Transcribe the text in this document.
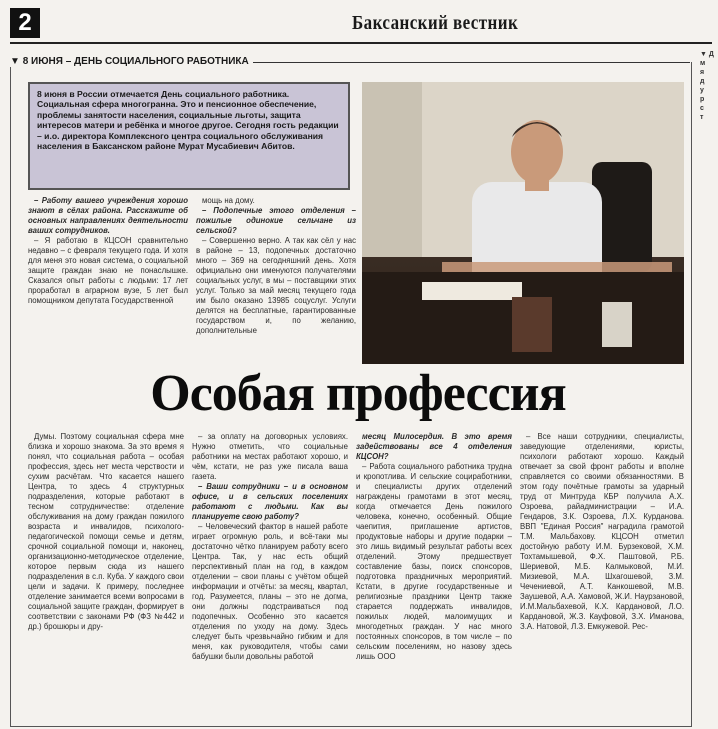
2	Баксанский вестник
▼ 8 ИЮНЯ – ДЕНЬ СОЦИАЛЬНОГО РАБОТНИКА
8 июня в России отмечается День социального работника. Социальная сфера многогранна. Это и пенсионное обеспечение, проблемы занятости населения, социальные льготы, защита интересов матери и ребёнка и многое другое. Сегодня гость редакции – и.о. директора Комплексного центра социального обслуживания населения в Баксанском районе Мурат Мусабиевич Абитов.

– Работу вашего учреждения хорошо знают в сёлах района. Расскажите об основных направлениях деятельности ваших сотрудников.

– Я работаю в КЦСОН сравнительно недавно – с февраля текущего года. И хотя для меня это новая система, о социальной защите граждан знаю не понаслышке. Сказался опыт работы с людьми: 17 лет проработал в аграрном вузе, 5 лет был помощником депутата Государственной

мощь на дому.

– Подопечные этого отделения – пожилые одинокие сельчане из сельской?

– Совершенно верно. А так как сёл у нас в районе – 13, подопечных достаточно много – 369 на сегодняшний день. Хотя официально они именуются получателями социальных услуг, в мы – поставщики этих услуг. Только за май месяц текущего года им было оказано 13985 соцуслуг. Услуги делятся на бесплатные, гарантированные государством и, по желанию, дополнительные

Особая профессия

Думы. Поэтому социальная сфера мне близка и хорошо знакома. За это время я понял, что социальная работа – особая профессия, здесь нет места черствости и сухим расчётам. Что касается нашего Центра, то здесь 4 структурных подразделения, которые работают в тесном сотрудничестве: отделение обслуживания на дому граждан пожилого возраста и инвалидов, психолого-педагогической помощи семье и детям, срочной социальной помощи и, наконец, организационно-методическое отделение, которое первым сюда из нашего подразделения в с.п. Куба. У каждого свои цели и задачи. К примеру, последнее отделение занимается всеми вопросами в социальной защите граждан, формирует в соответствии с законами РФ (ФЗ №442 и др.) брошюры и дру-

– за оплату на договорных условиях. Нужно отметить, что социальные работники на местах работают хорошо, и чём, кстати, не раз уже писала ваша газета.

– Ваши сотрудники – и в основном офисе, и в сельских поселениях работают с людьми. Как вы планируете свою работу?

– Человеческий фактор в нашей работе играет огромную роль, и всё-таки мы достаточно чётко планируем работу всего Центра. Так, у нас есть общий перспективный план на год, в каждом отделении – свои планы с учётом общей информации и отчёты: за месяц, квартал, год. Разумеется, планы – это не догма, они должны подстраиваться под подопечных. Особенно это касается отделения по уходу на дому. Здесь следует быть чрезвычайно гибким и для меня, как руководителя, чтобы сами бабушки были довольны работой

месяц Милосердия. В это время задействованы все 4 отделения КЦСОН?

– Работа социального работника трудна и кропотлива. И сельские социработники, и специалисты других отделений награждены грамотами в этот месяц, когда отмечается День пожилого человека, конечно, особенный. Общие чаепития, приглашение артистов, продуктовые наборы и другие подарки – это лишь видимый результат работы всех отделений. Этому предшествует составление базы, поиск спонсоров, подготовка праздничных мероприятий. Кстати, в другие государственные и религиозные праздники Центр также старается поддержать инвалидов, пожилых людей, малоимущих и многодетных граждан. У нас много постоянных спонсоров, в том числе – по сельским поселениям, но назову здесь лишь ООО

– Все наши сотрудники, специалисты, заведующие отделениями, юристы, психологи работают хорошо. Каждый отвечает за свой фронт работы и вполне справляется со своими обязанностями. В этом году почётные грамоты за ударный труд от Минтруда КБР получила А.Х. Озроева, райадминистрации – И.А. Гендаров, З.К. Озроева, Л.Х. Курданова. ВВП "Единая Россия" наградила грамотой Т.М. Мальбахову. КЦСОН отметил достойную работу И.М. Бурзековой, Х.М. Тохтамышевой, Ф.Х. Паштовой, Р.Б. Шериевой, М.Б. Калмыковой, М.И. Мизиевой, М.А. Шхагошевой, З.М. Чечениевой, А.Т. Канкошевой, М.В. Заушевой, А.А. Хамовой, Ж.И. Наурзановой, И.М.Мальбахевой, К.Х. Кардановой, Л.О. Кардановой, Ж.З. Кауфовой, З.Х. Иманова, З.А. Натовой, Л.З. Емкужевой. Рес-

▼ Д
м
я
д
у
р
с
т
